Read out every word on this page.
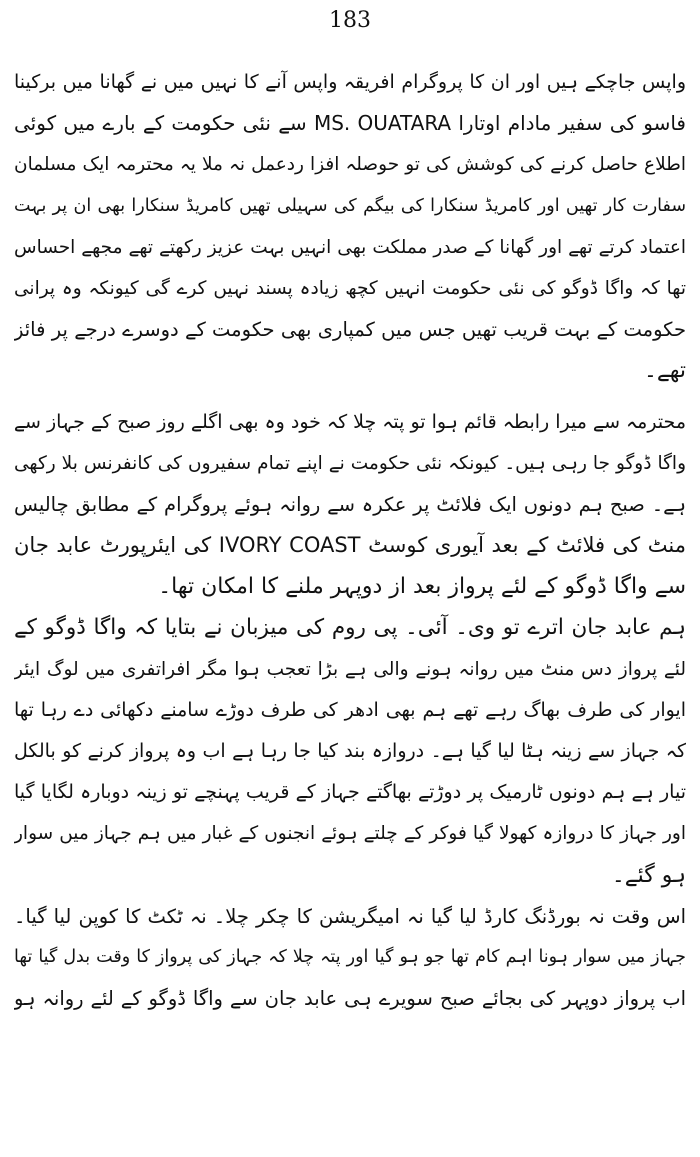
183
واپس جاچکے ہیں اور ان کا پروگرام افریقہ واپس آنے کا نہیں میں نے گھانا میں برکینا
فاسو کی سفیر مادام اوتارا MS. OUATARA سے نئی حکومت کے بارے میں کوئی
اطلاع حاصل کرنے کی کوشش کی تو حوصلہ افزا ردعمل نہ ملا یہ محترمہ ایک مسلمان
سفارت کار تھیں اور کامریڈ سنکارا کی بیگم کی سہیلی تھیں کامریڈ سنکارا بھی ان پر بہت
اعتماد کرتے تھے اور گھانا کے صدر مملکت بھی انہیں بہت عزیز رکھتے تھے مجھے احساس
تھا کہ واگا ڈوگو کی نئی حکومت انہیں کچھ زیادہ پسند نہیں کرے گی کیونکہ وہ پرانی
حکومت کے بہت قریب تھیں جس میں کمپاری بھی حکومت کے دوسرے درجے پر فائز
تھے۔
محترمہ سے میرا رابطہ قائم ہوا تو پتہ چلا کہ خود وہ بھی اگلے روز صبح کے جہاز سے
واگا ڈوگو جا رہی ہیں۔ کیونکہ نئی حکومت نے اپنے تمام سفیروں کی کانفرنس بلا رکھی
ہے۔ صبح ہم دونوں ایک فلائٹ پر عکرہ سے روانہ ہوئے پروگرام کے مطابق چالیس
منٹ کی فلائٹ کے بعد آیوری کوسٹ IVORY COAST کی ایئرپورٹ عابد جان
سے واگا ڈوگو کے لئے پرواز بعد از دوپہر ملنے کا امکان تھا۔
ہم عابد جان اترے تو وی۔ آئی۔ پی روم کی میزبان نے بتایا کہ واگا ڈوگو کے
لئے پرواز دس منٹ میں روانہ ہونے والی ہے بڑا تعجب ہوا مگر افراتفری میں لوگ ایئر
ایوار کی طرف بھاگ رہے تھے ہم بھی ادھر کی طرف دوڑے سامنے دکھائی دے رہا تھا
کہ جہاز سے زینہ ہٹا لیا گیا ہے۔ دروازہ بند کیا جا رہا ہے اب وہ پرواز کرنے کو بالکل
تیار ہے ہم دونوں ٹارمیک پر دوڑتے بھاگتے جہاز کے قریب پہنچے تو زینہ دوبارہ لگایا گیا
اور جہاز کا دروازہ کھولا گیا فوکر کے چلتے ہوئے انجنوں کے غبار میں ہم جہاز میں سوار
ہو گئے۔
اس وقت نہ بورڈنگ کارڈ لیا گیا نہ امیگریشن کا چکر چلا۔ نہ ٹکٹ کا کوپن لیا گیا۔
جہاز میں سوار ہونا اہم کام تھا جو ہو گیا اور پتہ چلا کہ جہاز کی پرواز کا وقت بدل گیا تھا
اب پرواز دوپہر کی بجائے صبح سویرے ہی عابد جان سے واگا ڈوگو کے لئے روانہ ہو
